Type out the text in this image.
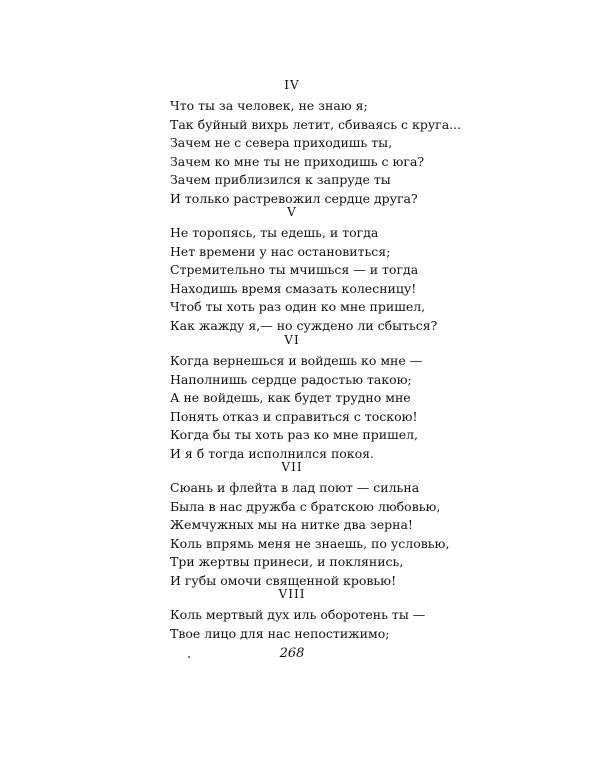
IV
Что ты за человек, не знаю я;
Так буйный вихрь летит, сбиваясь с круга...
Зачем не с севера приходишь ты,
Зачем ко мне ты не приходишь с юга?
Зачем приблизился к запруде ты
И только растревожил сердце друга?
V
Не торопясь, ты едешь, и тогда
Нет времени у нас остановиться;
Стремительно ты мчишься — и тогда
Находишь время смазать колесницу!
Чтоб ты хоть раз один ко мне пришел,
Как жажду я,— но суждено ли сбыться?
VI
Когда вернешься и войдешь ко мне —
Наполнишь сердце радостью такою;
А не войдешь, как будет трудно мне
Понять отказ и справиться с тоскою!
Когда бы ты хоть раз ко мне пришел,
И я б тогда исполнился покоя.
VII
Сюань и флейта в лад поют — сильна
Была в нас дружба с братскою любовью,
Жемчужных мы на нитке два зерна!
Коль впрямь меня не знаешь, по условью,
Три жертвы принеси, и поклянись,
И губы омочи священной кровью!
VIII
Коль мертвый дух иль оборотень ты —
Твое лицо для нас непостижимо;
268
